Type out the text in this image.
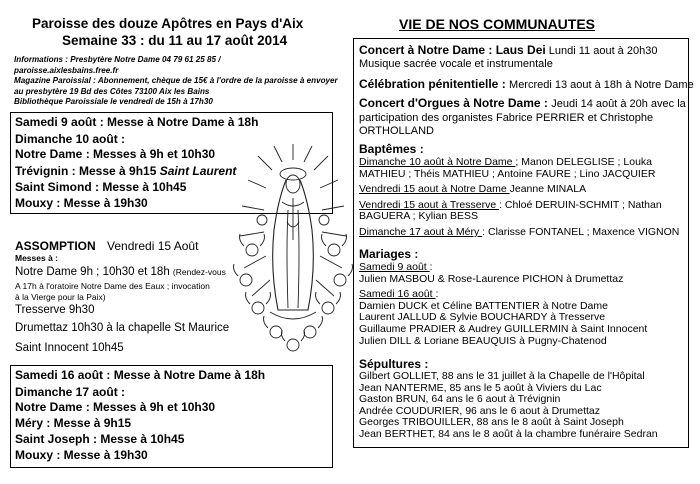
Paroisse des douze Apôtres en Pays d'Aix
Semaine 33 : du 11 au 17 août 2014
Informations : Presbytère Notre Dame 04 79 61 25 85 /
paroisse.aixlesbains.free.fr
Magazine Paroissial : Abonnement, chèque de 15€ à l'ordre de la paroisse à envoyer
au presbytère 19 Bd des Côtes 73100 Aix les Bains
Bibliothèque Paroissiale le vendredi de 15h à 17h30
Samedi 9 août : Messe à Notre Dame à 18h
Dimanche 10 août :
Notre Dame : Messes à 9h et 10h30
Trévignin : Messe à 9h15 Saint Laurent
Saint Simond : Messe à 10h45
Mouxy : Messe à 19h30
ASSOMPTION Vendredi 15 Août
Messes à :
Notre Dame 9h ; 10h30 et 18h (Rendez-vous
A 17h à l'oratoire Notre Dame des Eaux ; invocation
à la Vierge pour la Paix)
Tresserve 9h30
Drumettaz 10h30 à la chapelle St Maurice
Saint Innocent 10h45
Samedi 16 août : Messe à Notre Dame à 18h
Dimanche 17 août :
Notre Dame : Messes à 9h et 10h30
Méry : Messe à 9h15
Saint Joseph : Messe à 10h45
Mouxy : Messe à 19h30
VIE DE NOS COMMUNAUTES
Concert à Notre Dame : Laus Dei Lundi 11 aout à 20h30
Musique sacrée vocale et instrumentale
Célébration pénitentielle : Mercredi 13 aout à 18h à Notre Dame
Concert d'Orgues à Notre Dame : Jeudi 14 août à 20h avec la
participation des organistes Fabrice PERRIER et Christophe
ORTHOLLAND
Baptêmes :
Dimanche 10 août à Notre Dame ; Manon DELEGLISE ; Louka
MATHIEU ; Théis MATHIEU ; Antoine FAURE ; Lino JACQUIER
Vendredi 15 aout à Notre Dame Jeanne MINALA
Vendredi 15 aout à Tresserve : Chloé DERUIN-SCHMIT ; Nathan
BAGUERA ; Kylian BESS
Dimanche 17 aout à Méry : Clarisse FONTANEL ; Maxence VIGNON
Mariages :
Samedi 9 août :
Julien MASBOU & Rose-Laurence PICHON à Drumettaz
Samedi 16 août :
Damien DUCK et Céline BATTENTIER à Notre Dame
Laurent JALLUD & Sylvie BOUCHARDY à Tresserve
Guillaume PRADIER & Audrey GUILLERMIN à Saint Innocent
Julien DILL & Loriane BEAUQUIS à Pugny-Chatenod
Sépultures :
Gilbert GOLLIET, 88 ans le 31 juillet à la Chapelle de l'Hôpital
Jean NANTERME, 85 ans le 5 août à Viviers du Lac
Gaston BRUN, 64 ans le 6 aout à Trévignin
Andrée COUDURIER, 96 ans le 6 aout à Drumettaz
Georges TRIBOUILLER, 88 ans le 8 août à Saint Joseph
Jean BERTHET, 84 ans le 8 août à la chambre funéraire Sedran
